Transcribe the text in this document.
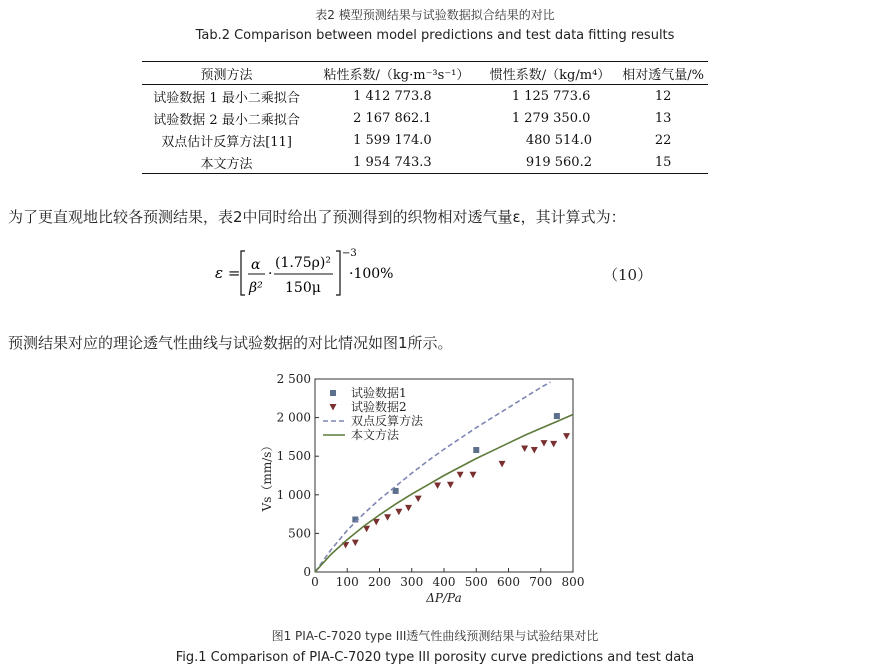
表2 模型预测结果与试验数据拟合结果的对比
Tab.2 Comparison between model predictions and test data fitting results
预测方法	粘性系数/（kg·m⁻³s⁻¹）	惯性系数/（kg/m⁴）	相对透气量/%
试验数据 1 最小二乘拟合	1 412 773.8	1 125 773.6	12
试验数据 2 最小二乘拟合	2 167 862.1	1 279 350.0	13
双点估计反算方法[11]	1 599 174.0	480 514.0	22
本文方法	1 954 743.3	919 560.2	15
为了更直观地比较各预测结果，表2中同时给出了预测得到的织物相对透气量ε，其计算式为：
ε = α
β²
·
(1.75ρ)²
150μ
−3
·100%	（10）
预测结果对应的理论透气性曲线与试验数据的对比情况如图1所示。
0 100 200 300 400 500 600 700 800
0
500
1 000
1 500
2 000
2 500
ΔP/Pa
Vs（mm/s）
试验数据1
试验数据2
双点反算方法
本文方法
图1 PIA-C-7020 type III透气性曲线预测结果与试验结果对比
Fig.1 Comparison of PIA-C-7020 type III porosity curve predictions and test data
